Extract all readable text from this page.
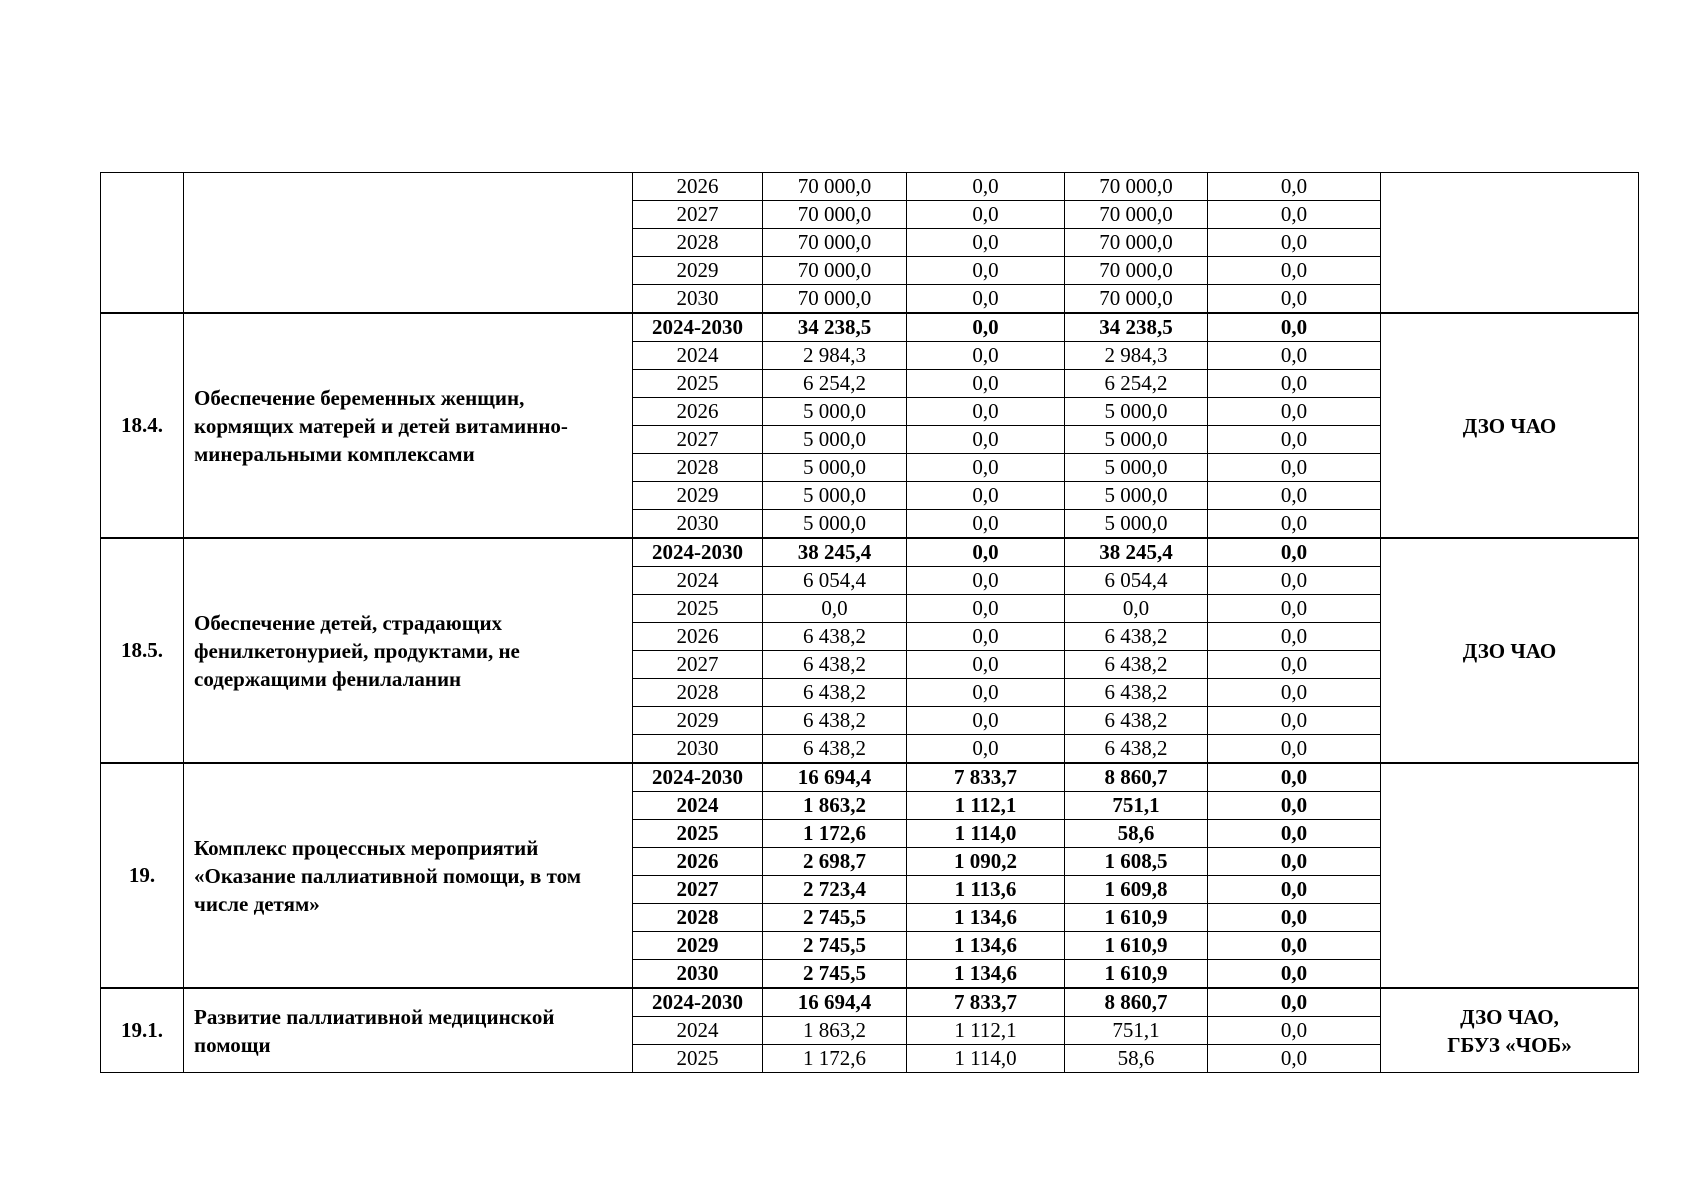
		2026	70 000,0	0,0	70 000,0	0,0	
		2027	70 000,0	0,0	70 000,0	0,0	
		2028	70 000,0	0,0	70 000,0	0,0	
		2029	70 000,0	0,0	70 000,0	0,0	
		2030	70 000,0	0,0	70 000,0	0,0	
18.4.	Обеспечение беременных женщин, кормящих матерей и детей витаминно-минеральными комплексами	2024-2030	34 238,5	0,0	34 238,5	0,0	ДЗО ЧАО
		2024	2 984,3	0,0	2 984,3	0,0	
		2025	6 254,2	0,0	6 254,2	0,0	
		2026	5 000,0	0,0	5 000,0	0,0	
		2027	5 000,0	0,0	5 000,0	0,0	
		2028	5 000,0	0,0	5 000,0	0,0	
		2029	5 000,0	0,0	5 000,0	0,0	
		2030	5 000,0	0,0	5 000,0	0,0	
18.5.	Обеспечение детей, страдающих фенилкетонурией, продуктами, не содержащими фенилаланин	2024-2030	38 245,4	0,0	38 245,4	0,0	ДЗО ЧАО
		2024	6 054,4	0,0	6 054,4	0,0	
		2025	0,0	0,0	0,0	0,0	
		2026	6 438,2	0,0	6 438,2	0,0	
		2027	6 438,2	0,0	6 438,2	0,0	
		2028	6 438,2	0,0	6 438,2	0,0	
		2029	6 438,2	0,0	6 438,2	0,0	
		2030	6 438,2	0,0	6 438,2	0,0	
19.	Комплекс процессных мероприятий «Оказание паллиативной помощи, в том числе детям»	2024-2030	16 694,4	7 833,7	8 860,7	0,0	
		2024	1 863,2	1 112,1	751,1	0,0	
		2025	1 172,6	1 114,0	58,6	0,0	
		2026	2 698,7	1 090,2	1 608,5	0,0	
		2027	2 723,4	1 113,6	1 609,8	0,0	
		2028	2 745,5	1 134,6	1 610,9	0,0	
		2029	2 745,5	1 134,6	1 610,9	0,0	
		2030	2 745,5	1 134,6	1 610,9	0,0	
19.1.	Развитие паллиативной медицинской помощи	2024-2030	16 694,4	7 833,7	8 860,7	0,0	ДЗО ЧАО,
ГБУЗ «ЧОБ»
		2024	1 863,2	1 112,1	751,1	0,0	
		2025	1 172,6	1 114,0	58,6	0,0	
